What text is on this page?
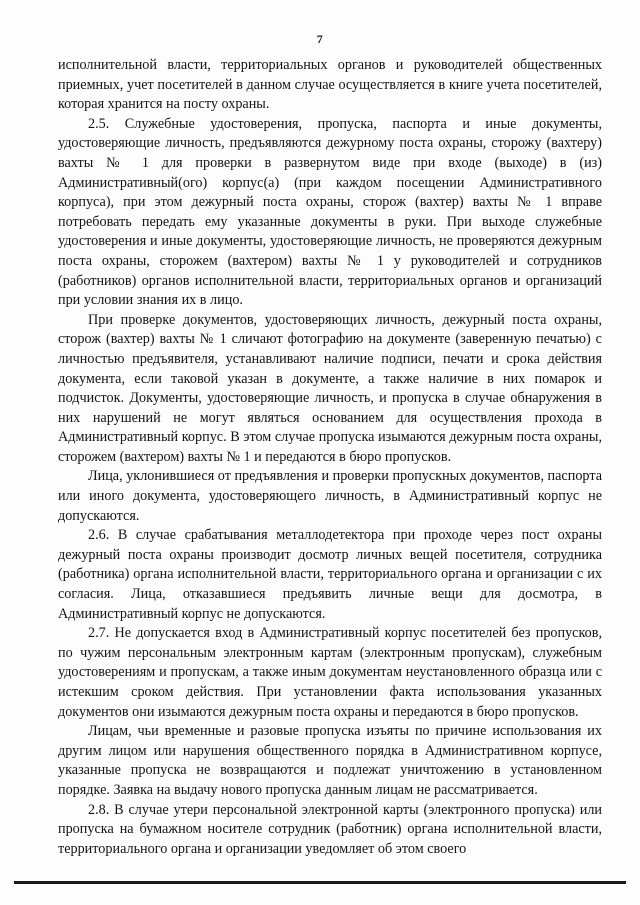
7

исполнительной власти, территориальных органов и руководителей общественных приемных, учет посетителей в данном случае осуществляется в книге учета посетителей, которая хранится на посту охраны.

2.5. Служебные удостоверения, пропуска, паспорта и иные документы, удостоверяющие личность, предъявляются дежурному поста охраны, сторожу (вахтеру) вахты № 1 для проверки в развернутом виде при входе (выходе) в (из) Административный(ого) корпус(а) (при каждом посещении Административного корпуса), при этом дежурный поста охраны, сторож (вахтер) вахты № 1 вправе потребовать передать ему указанные документы в руки. При выходе служебные удостоверения и иные документы, удостоверяющие личность, не проверяются дежурным поста охраны, сторожем (вахтером) вахты № 1 у руководителей и сотрудников (работников) органов исполнительной власти, территориальных органов и организаций при условии знания их в лицо.

При проверке документов, удостоверяющих личность, дежурный поста охраны, сторож (вахтер) вахты № 1 сличают фотографию на документе (заверенную печатью) с личностью предъявителя, устанавливают наличие подписи, печати и срока действия документа, если таковой указан в документе, а также наличие в них помарок и подчисток. Документы, удостоверяющие личность, и пропуска в случае обнаружения в них нарушений не могут являться основанием для осуществления прохода в Административный корпус. В этом случае пропуска изымаются дежурным поста охраны, сторожем (вахтером) вахты № 1 и передаются в бюро пропусков.

Лица, уклонившиеся от предъявления и проверки пропускных документов, паспорта или иного документа, удостоверяющего личность, в Административный корпус не допускаются.

2.6. В случае срабатывания металлодетектора при проходе через пост охраны дежурный поста охраны производит досмотр личных вещей посетителя, сотрудника (работника) органа исполнительной власти, территориального органа и организации с их согласия. Лица, отказавшиеся предъявить личные вещи для досмотра, в Административный корпус не допускаются.

2.7. Не допускается вход в Административный корпус посетителей без пропусков, по чужим персональным электронным картам (электронным пропускам), служебным удостоверениям и пропускам, а также иным документам неустановленного образца или с истекшим сроком действия. При установлении факта использования указанных документов они изымаются дежурным поста охраны и передаются в бюро пропусков.

Лицам, чьи временные и разовые пропуска изъяты по причине использования их другим лицом или нарушения общественного порядка в Административном корпусе, указанные пропуска не возвращаются и подлежат уничтожению в установленном порядке. Заявка на выдачу нового пропуска данным лицам не рассматривается.

2.8. В случае утери персональной электронной карты (электронного пропуска) или пропуска на бумажном носителе сотрудник (работник) органа исполнительной власти, территориального органа и организации уведомляет об этом своего
